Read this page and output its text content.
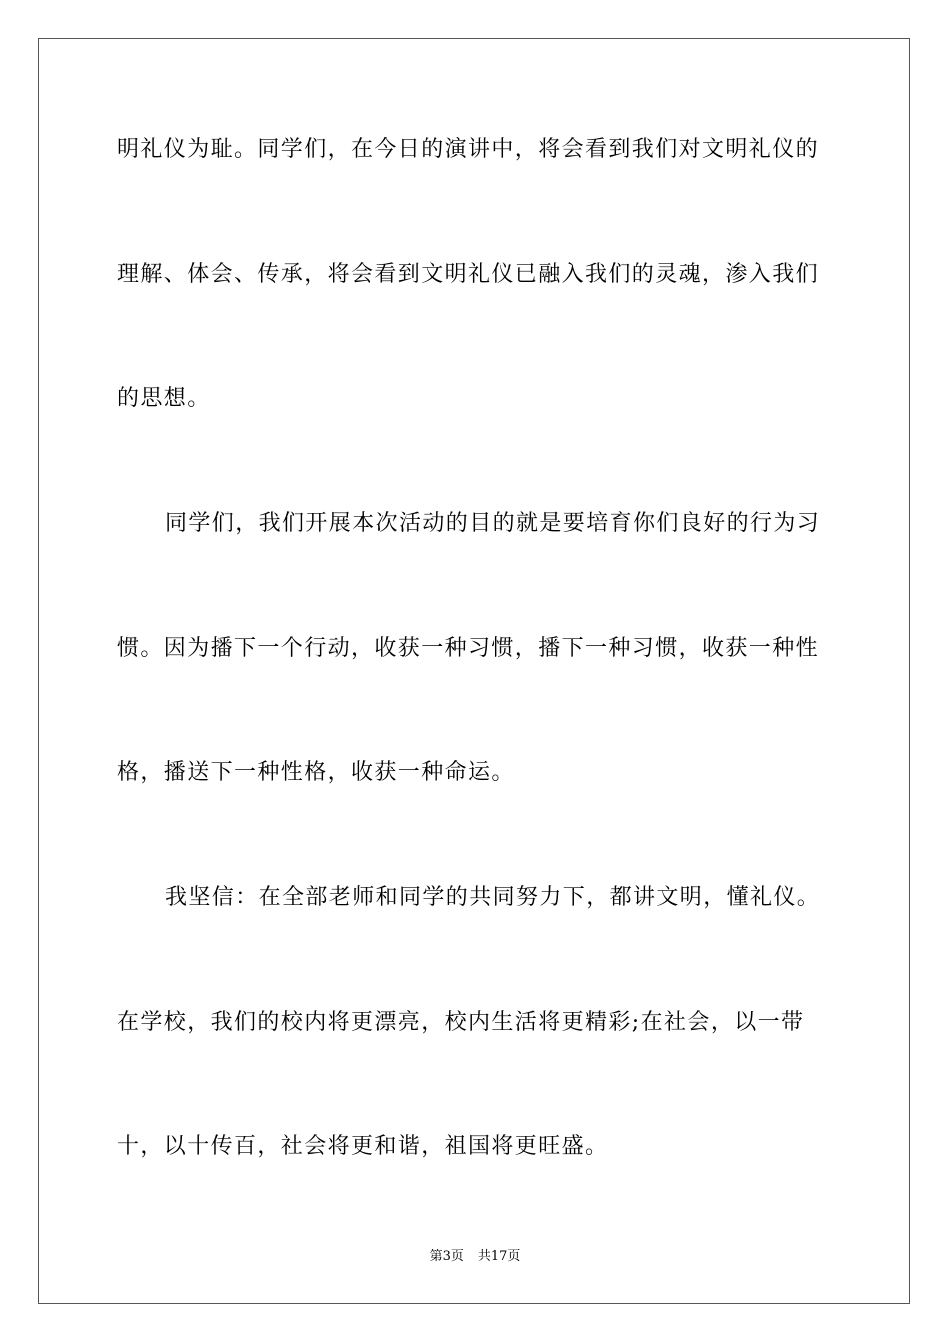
明礼仪为耻。同学们，在今日的演讲中，将会看到我们对文明礼仪的
理解、体会、传承，将会看到文明礼仪已融入我们的灵魂，渗入我们
的思想。
同学们，我们开展本次活动的目的就是要培育你们良好的行为习
惯。因为播下一个行动，收获一种习惯，播下一种习惯，收获一种性
格，播送下一种性格，收获一种命运。
我坚信：在全部老师和同学的共同努力下，都讲文明，懂礼仪。
在学校，我们的校内将更漂亮，校内生活将更精彩;在社会，以一带
十，以十传百，社会将更和谐，祖国将更旺盛。
第3页 共17页
